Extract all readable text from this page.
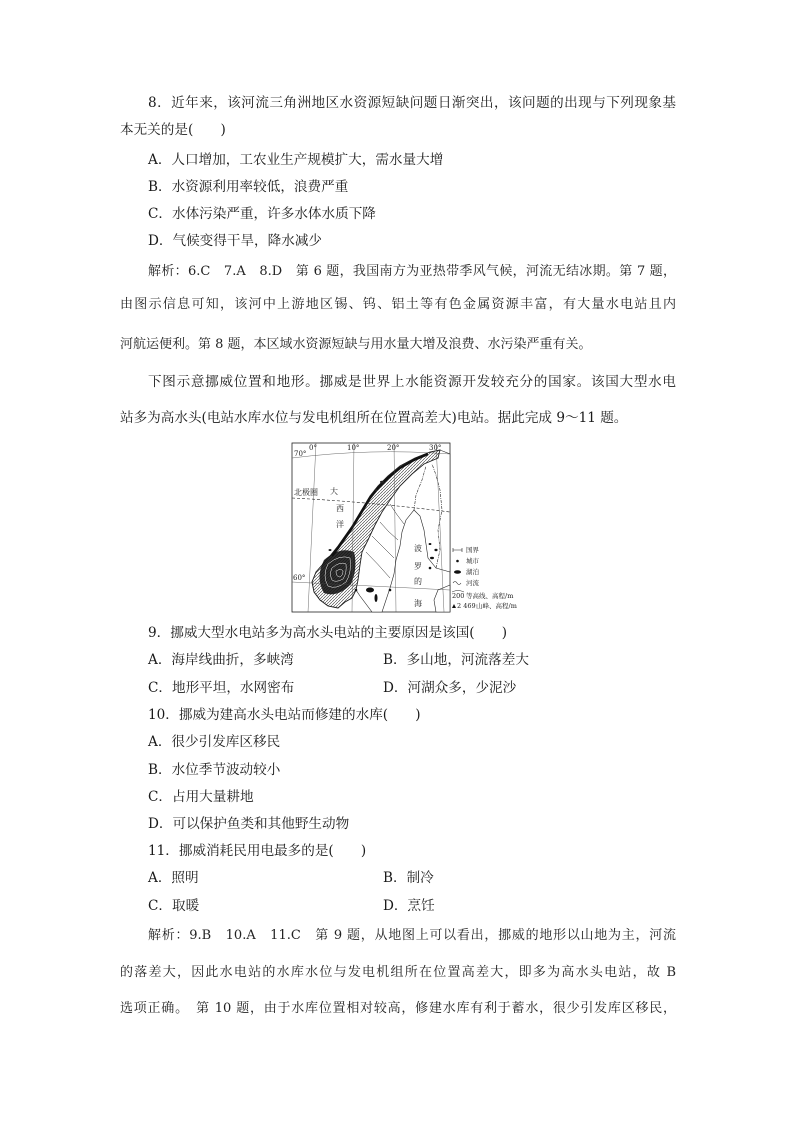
8．近年来，该河流三角洲地区水资源短缺问题日渐突出，该问题的出现与下列现象基
本无关的是(　　)
A．人口增加，工农业生产规模扩大，需水量大增
B．水资源利用率较低，浪费严重
C．水体污染严重，许多水体水质下降
D．气候变得干旱，降水减少
解析：6.C　7.A　8.D　第 6 题，我国南方为亚热带季风气候，河流无结冰期。第 7 题，
由图示信息可知，该河中上游地区锡、钨、铝土等有色金属资源丰富，有大量水电站且内
河航运便利。第 8 题，本区域水资源短缺与用水量大增及浪费、水污染严重有关。
下图示意挪威位置和地形。挪威是世界上水能资源开发较充分的国家。该国大型水电
站多为高水头(电站水库水位与发电机组所在位置高差大)电站。据此完成 9～11 题。
70°
0°	10°	20°	30°
北极圈 大
西
洋
60°
波
罗
的
海
国界
城市
湖泊
河流
200 等高线、高程/m
2 469 山峰、高程/m
9．挪威大型水电站多为高水头电站的主要原因是该国(　　)
A．海岸线曲折，多峡湾	B．多山地，河流落差大
C．地形平坦，水网密布	D．河湖众多，少泥沙
10．挪威为建高水头电站而修建的水库(　　)
A．很少引发库区移民
B．水位季节波动较小
C．占用大量耕地
D．可以保护鱼类和其他野生动物
11．挪威消耗民用电最多的是(　　)
A．照明	B．制冷
C．取暖	D．烹饪
解析：9.B　10.A　11.C　第 9 题，从地图上可以看出，挪威的地形以山地为主，河流
的落差大，因此水电站的水库水位与发电机组所在位置高差大，即多为高水头电站，故 B
选项正确。　第 10 题，由于水库位置相对较高，修建水库有利于蓄水，很少引发库区移民，
